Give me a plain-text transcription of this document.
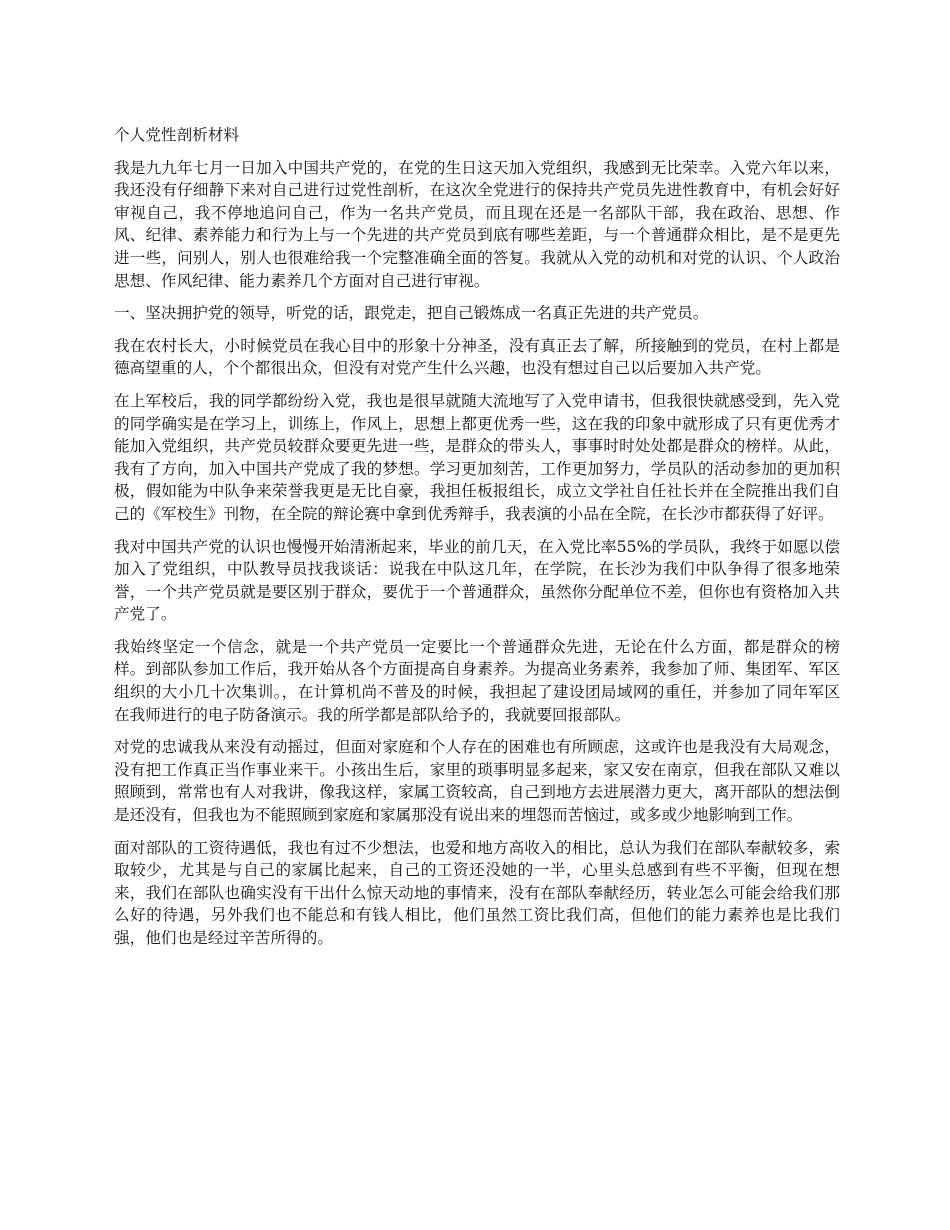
个人党性剖析材料

我是九九年七月一日加入中国共产党的，在党的生日这天加入党组织，我感到无比荣幸。入党六年以来，我还没有仔细静下来对自己进行过党性剖析，在这次全党进行的保持共产党员先进性教育中，有机会好好审视自己，我不停地追问自己，作为一名共产党员，而且现在还是一名部队干部，我在政治、思想、作风、纪律、素养能力和行为上与一个先进的共产党员到底有哪些差距，与一个普通群众相比，是不是更先进一些，问别人，别人也很难给我一个完整准确全面的答复。我就从入党的动机和对党的认识、个人政治思想、作风纪律、能力素养几个方面对自己进行审视。

一、坚决拥护党的领导，听党的话，跟党走，把自己锻炼成一名真正先进的共产党员。

我在农村长大，小时候党员在我心目中的形象十分神圣，没有真正去了解，所接触到的党员，在村上都是德高望重的人，个个都很出众，但没有对党产生什么兴趣，也没有想过自己以后要加入共产党。

在上军校后，我的同学都纷纷入党，我也是很早就随大流地写了入党申请书，但我很快就感受到，先入党的同学确实是在学习上，训练上，作风上，思想上都更优秀一些，这在我的印象中就形成了只有更优秀才能加入党组织，共产党员较群众要更先进一些，是群众的带头人，事事时时处处都是群众的榜样。从此，我有了方向，加入中国共产党成了我的梦想。学习更加刻苦，工作更加努力，学员队的活动参加的更加积极，假如能为中队争来荣誉我更是无比自豪，我担任板报组长，成立文学社自任社长并在全院推出我们自己的《军校生》刊物，在全院的辩论赛中拿到优秀辩手，我表演的小品在全院，在长沙市都获得了好评。

我对中国共产党的认识也慢慢开始清淅起来，毕业的前几天，在入党比率55%的学员队，我终于如愿以偿加入了党组织，中队教导员找我谈话：说我在中队这几年，在学院，在长沙为我们中队争得了很多地荣誉，一个共产党员就是要区别于群众，要优于一个普通群众，虽然你分配单位不差，但你也有资格加入共产党了。

我始终坚定一个信念，就是一个共产党员一定要比一个普通群众先进，无论在什么方面，都是群众的榜样。到部队参加工作后，我开始从各个方面提高自身素养。为提高业务素养，我参加了师、集团军、军区组织的大小几十次集训。，在计算机尚不普及的时候，我担起了建设团局域网的重任，并参加了同年军区在我师进行的电子防备演示。我的所学都是部队给予的，我就要回报部队。

对党的忠诚我从来没有动摇过，但面对家庭和个人存在的困难也有所顾虑，这或许也是我没有大局观念，没有把工作真正当作事业来干。小孩出生后，家里的琐事明显多起来，家又安在南京，但我在部队又难以照顾到，常常也有人对我讲，像我这样，家属工资较高，自己到地方去进展潜力更大，离开部队的想法倒是还没有，但我也为不能照顾到家庭和家属那没有说出来的埋怨而苦恼过，或多或少地影响到工作。

面对部队的工资待遇低，我也有过不少想法，也爱和地方高收入的相比，总认为我们在部队奉献较多，索取较少，尤其是与自己的家属比起来，自己的工资还没她的一半，心里头总感到有些不平衡，但现在想来，我们在部队也确实没有干出什么惊天动地的事情来，没有在部队奉献经历，转业怎么可能会给我们那么好的待遇，另外我们也不能总和有钱人相比，他们虽然工资比我们高，但他们的能力素养也是比我们强，他们也是经过辛苦所得的。
